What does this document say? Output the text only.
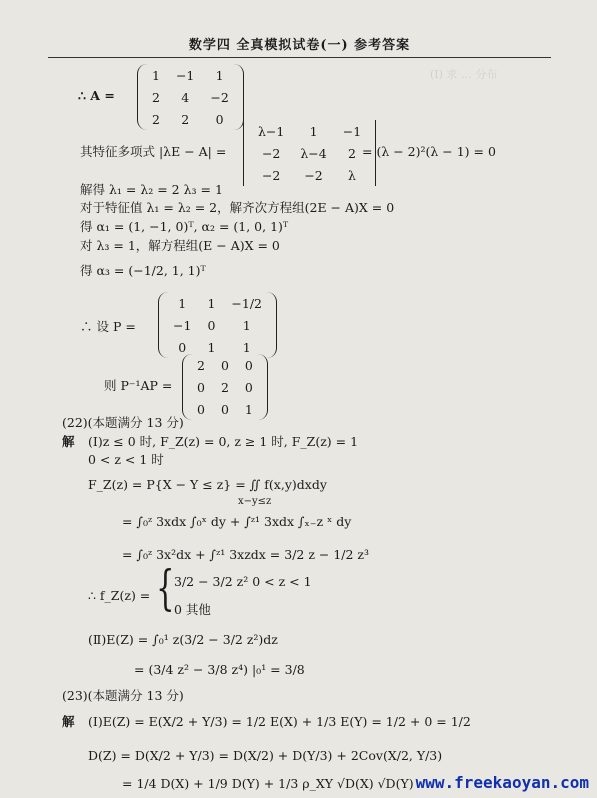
数学四 全真模拟试卷(一) 参考答案
(Ⅰ) 求 … 分布
∴ A =
1	−1	1
2	4	−2
2	2	0
其特征多项式 |λE − A| =
λ−1	1	−1
−2	λ−4	2
−2	−2	λ
= (λ − 2)²(λ − 1) = 0
解得 λ₁ = λ₂ = 2 λ₃ = 1
对于特征值 λ₁ = λ₂ = 2，解齐次方程组(2E − A)X = 0
得 α₁ = (1, −1, 0)ᵀ, α₂ = (1, 0, 1)ᵀ
对 λ₃ = 1，解方程组(E − A)X = 0
得 α₃ = (−1/2, 1, 1)ᵀ
∴ 设 P =
1	1	−1/2
−1	0	1
0	1	1
则 P⁻¹AP =
2	0	0
0	2	0
0	0	1
(22)(本题满分 13 分)
解 (Ⅰ)z ≤ 0 时, F_Z(z) = 0, z ≥ 1 时, F_Z(z) = 1
0 < z < 1 时
F_Z(z) = P{X − Y ≤ z} = ∬ f(x,y)dxdy
x−y≤z
= ∫₀ᶻ 3xdx ∫₀ˣ dy + ∫ᶻ¹ 3xdx ∫ₓ₋z ˣ dy
= ∫₀ᶻ 3x²dx + ∫ᶻ¹ 3xzdx = 3/2 z − 1/2 z³
∴ f_Z(z) = { 3/2 − 3/2 z² 0 < z < 1
0 其他
(Ⅱ)E(Z) = ∫₀¹ z(3/2 − 3/2 z²)dz
= (3/4 z² − 3/8 z⁴) |₀¹ = 3/8
(23)(本题满分 13 分)
解 (Ⅰ)E(Z) = E(X/2 + Y/3) = 1/2 E(X) + 1/3 E(Y) = 1/2 + 0 = 1/2
D(Z) = D(X/2 + Y/3) = D(X/2) + D(Y/3) + 2Cov(X/2, Y/3)
= 1/4 D(X) + 1/9 D(Y) + 1/3 ρ_XY √D(X) √D(Y) www.freekaoyan.com
